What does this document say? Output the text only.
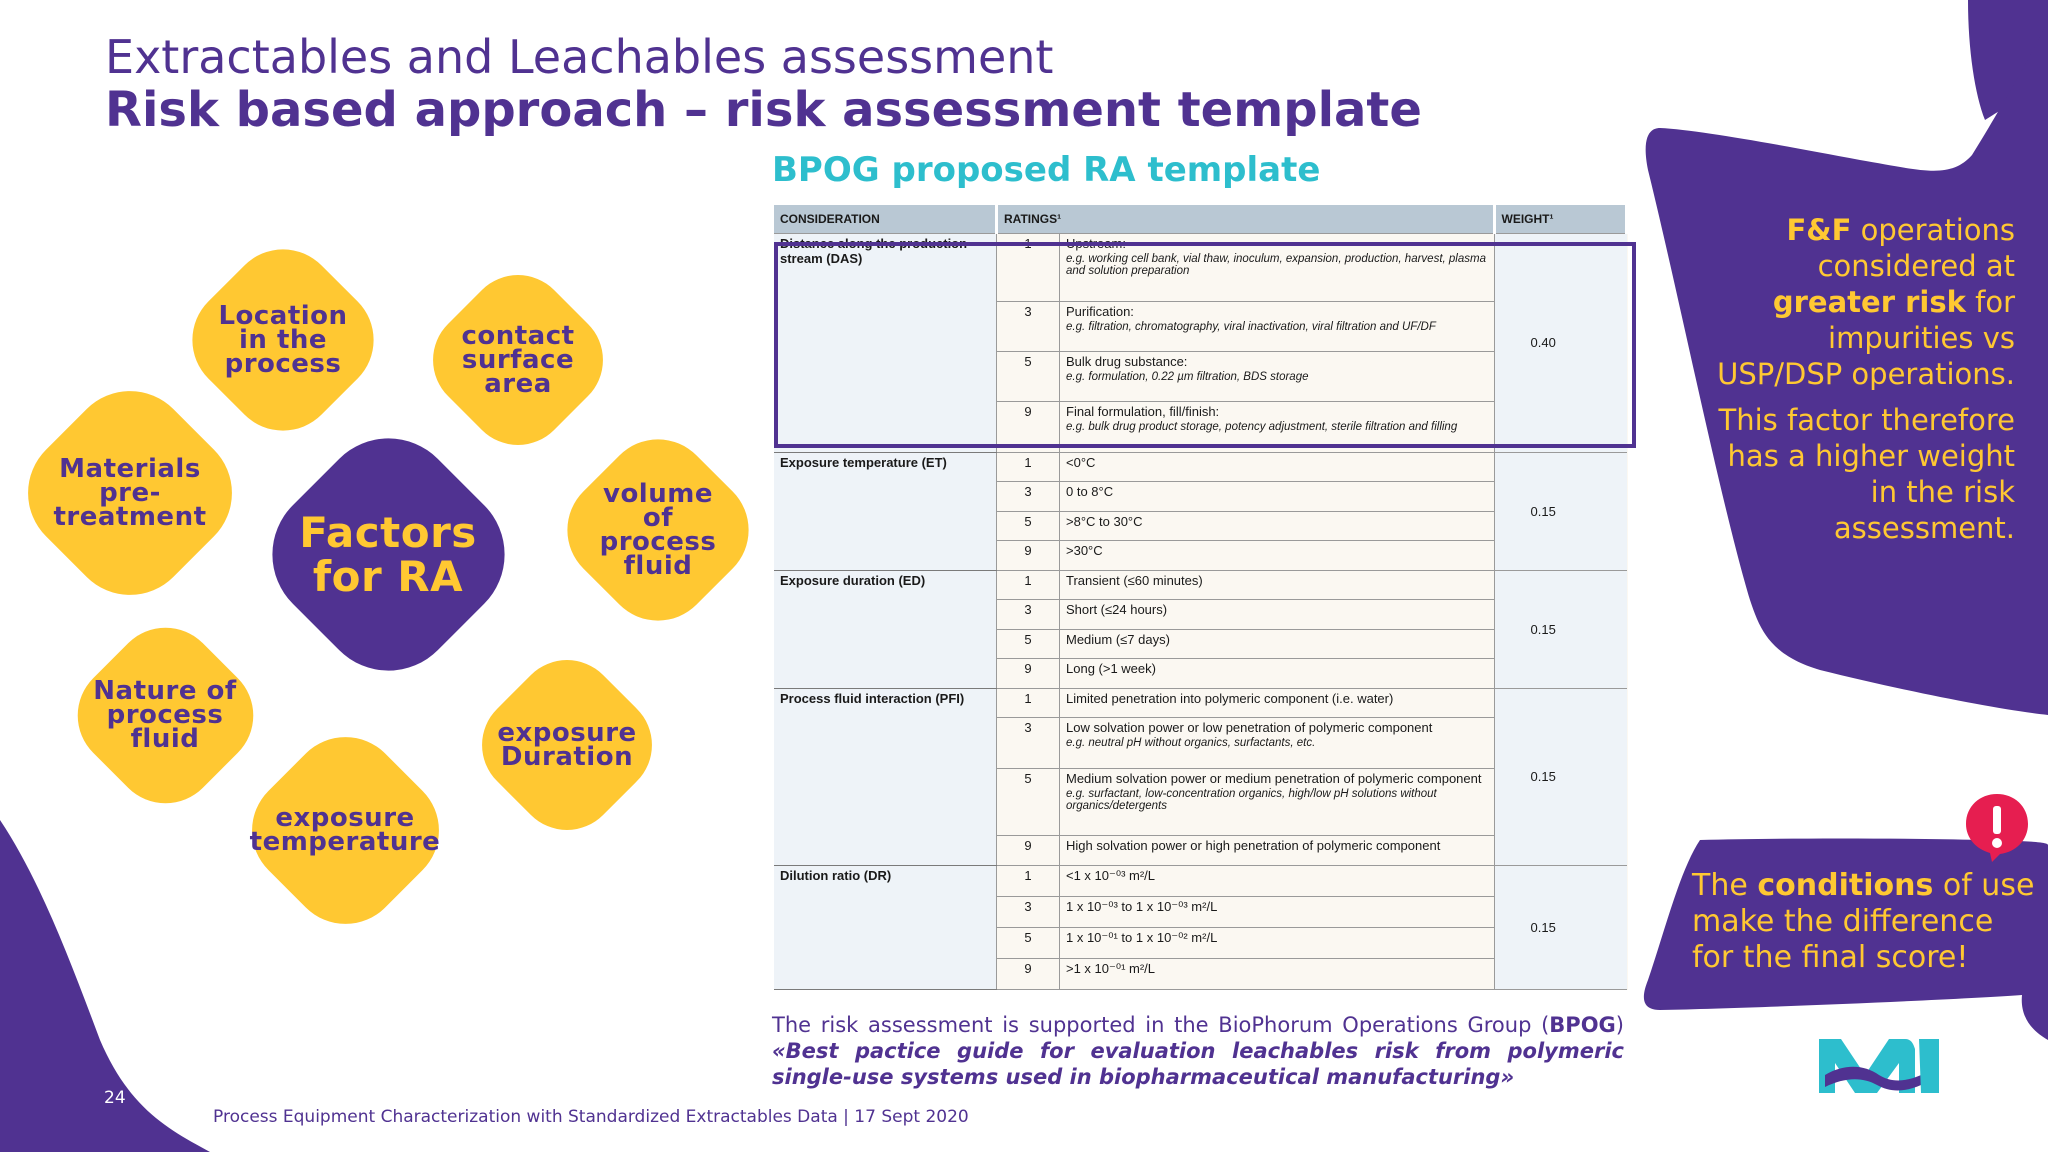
Extractables and Leachables assessment
Risk based approach – risk assessment template
BPOG proposed RA template
Location
in the
process
contact
surface
area
Materials
pre-
treatment Factors
for RA
volume
of
process
fluid
Nature of
process
fluid	exposure
Duration
exposure
temperature
CONSIDERATION	RATINGS¹		WEIGHT¹
Distance along the production stream (DAS)	1	Upstream:
e.g. working cell bank, vial thaw, inoculum, expansion, production, harvest, plasma and solution preparation	0.40
	3	Purification:
e.g. filtration, chromatography, viral inactivation, viral filtration and UF/DF	

	5	Bulk drug substance:
e.g. formulation, 0.22 µm filtration, BDS storage	

	9	Final formulation, fill/finish:
e.g. bulk drug product storage, potency adjustment, sterile filtration and filling	

Exposure temperature (ET)	1	<0°C	0.15
	3	0 to 8°C	
	5	>8°C to 30°C	
	9	>30°C	
Exposure duration (ED)	1	Transient (≤60 minutes)	0.15
	3	Short (≤24 hours)	
	5	Medium (≤7 days)	
	9	Long (>1 week)	
Process fluid interaction (PFI)	1	Limited penetration into polymeric component (i.e. water)	0.15
	3	Low solvation power or low penetration of polymeric component
e.g. neutral pH without organics, surfactants, etc.	

	5	Medium solvation power or medium penetration of polymeric component
e.g. surfactant, low-concentration organics, high/low pH solutions without organics/detergents	

	9	High solvation power or high penetration of polymeric component	
Dilution ratio (DR)	1	<1 x 10⁻⁰³ m²/L	0.15
	3	1 x 10⁻⁰³ to 1 x 10⁻⁰³ m²/L	
	5	1 x 10⁻⁰¹ to 1 x 10⁻⁰² m²/L	
	9	>1 x 10⁻⁰¹ m²/L	
The risk assessment is supported in the BioPhorum Operations Group (BPOG) «Best pactice guide for evaluation leachables risk from polymeric single-use systems used in biopharmaceutical manufacturing»
24
Process Equipment Characterization with Standardized Extractables Data | 17 Sept 2020
F&F operations considered at greater risk for impurities vs USP/DSP operations.
This factor therefore has a higher weight in the risk assessment.
The conditions of use make the difference for the final score!
